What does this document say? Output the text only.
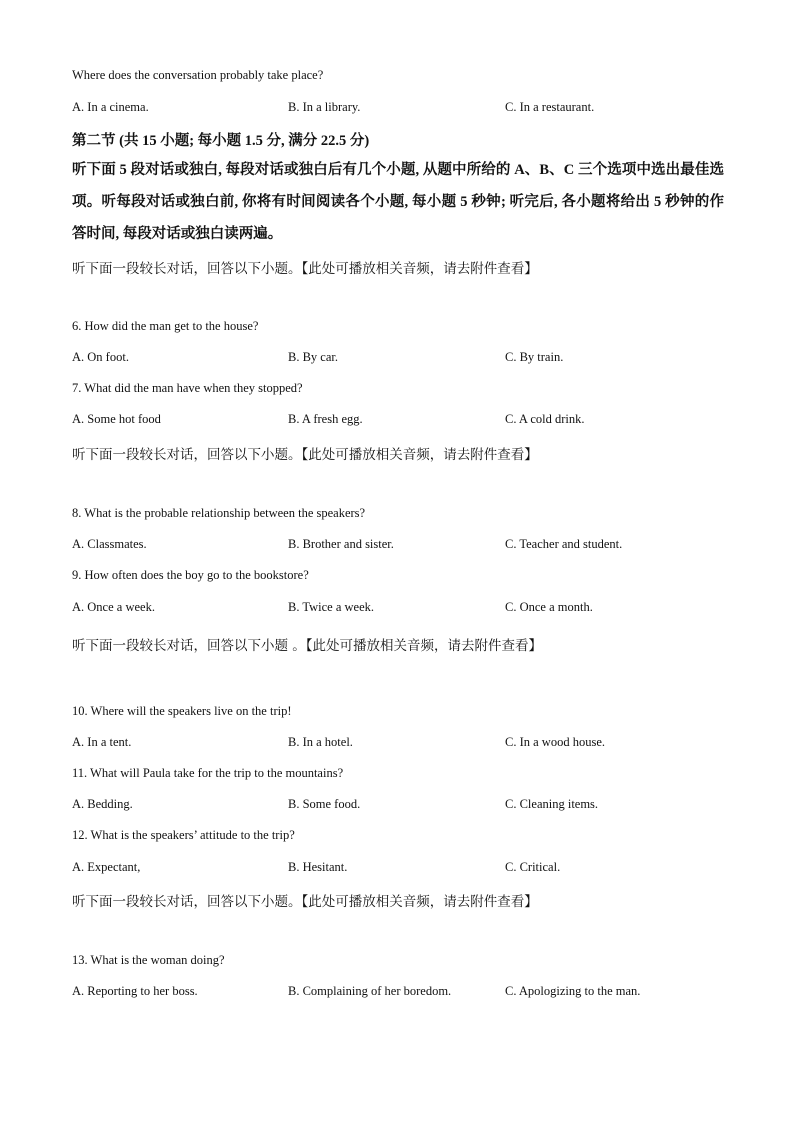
Where does the conversation probably take place?
A. In a cinema.	B. In a library.	C. In a restaurant.
第二节 (共 15 小题; 每小题 1.5 分, 满分 22.5 分)
听下面 5 段对话或独白, 每段对话或独白后有几个小题, 从题中所给的 A、B、C 三个选项中选出最佳选项。听每段对话或独白前, 你将有时间阅读各个小题, 每小题 5 秒钟; 听完后, 各小题将给出 5 秒钟的作答时间, 每段对话或独白读两遍。
听下面一段较长对话，回答以下小题。【此处可播放相关音频，请去附件查看】
6. How did the man get to the house?
A. On foot.	B. By car.	C. By train.
7. What did the man have when they stopped?
A. Some hot food	B. A fresh egg.	C. A cold drink.
听下面一段较长对话，回答以下小题。【此处可播放相关音频，请去附件查看】
8. What is the probable relationship between the speakers?
A. Classmates.	B. Brother and sister.	C. Teacher and student.
9. How often does the boy go to the bookstore?
A. Once a week.	B. Twice a week.	C. Once a month.
听下面一段较长对话，回答以下小题 。【此处可播放相关音频，请去附件查看】
10. Where will the speakers live on the trip!
A. In a tent.	B. In a hotel.	C. In a wood house.
11. What will Paula take for the trip to the mountains?
A. Bedding.	B. Some food.	C. Cleaning items.
12. What is the speakers’ attitude to the trip?
A. Expectant,	B. Hesitant.	C. Critical.
听下面一段较长对话，回答以下小题。【此处可播放相关音频，请去附件查看】
13. What is the woman doing?
A. Reporting to her boss.	B. Complaining of her boredom.	C. Apologizing to the man.
